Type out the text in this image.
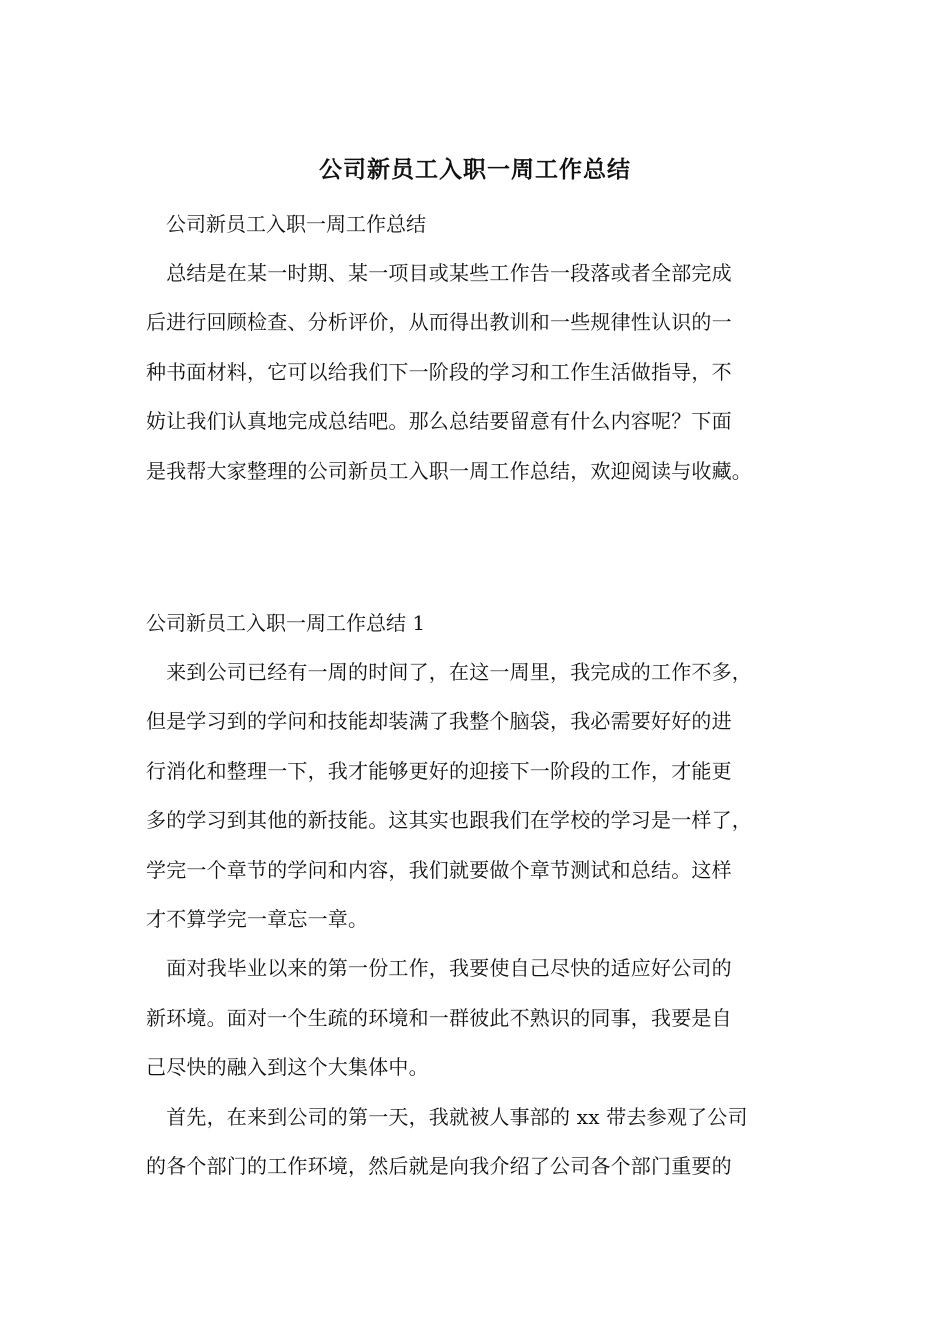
公司新员工入职一周工作总结
公司新员工入职一周工作总结
　总结是在某一时期、某一项目或某些工作告一段落或者全部完成
后进行回顾检查、分析评价，从而得出教训和一些规律性认识的一
种书面材料，它可以给我们下一阶段的学习和工作生活做指导，不
妨让我们认真地完成总结吧。那么总结要留意有什么内容呢？下面
是我帮大家整理的公司新员工入职一周工作总结，欢迎阅读与收藏。
公司新员工入职一周工作总结 1
　来到公司已经有一周的时间了，在这一周里，我完成的工作不多，
但是学习到的学问和技能却装满了我整个脑袋，我必需要好好的进
行消化和整理一下，我才能够更好的迎接下一阶段的工作，才能更
多的学习到其他的新技能。这其实也跟我们在学校的学习是一样了，
学完一个章节的学问和内容，我们就要做个章节测试和总结。这样
才不算学完一章忘一章。
　面对我毕业以来的第一份工作，我要使自己尽快的适应好公司的
新环境。面对一个生疏的环境和一群彼此不熟识的同事，我要是自
己尽快的融入到这个大集体中。
　首先，在来到公司的第一天，我就被人事部的 xx 带去参观了公司
的各个部门的工作环境，然后就是向我介绍了公司各个部门重要的
